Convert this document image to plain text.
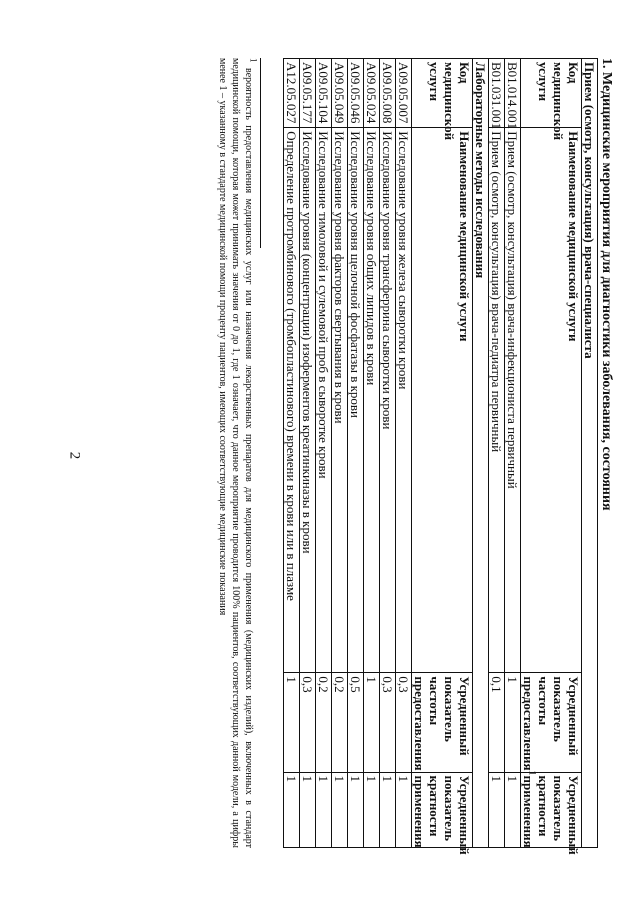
2	1. Медицинские мероприятия для диагностики заболевания, состояния
Прием (осмотр, консультация) врача-специалиста			
Код медицинской услуги	Наименование медицинской услуги	Усредненный показатель частоты предоставления$^1$	Усредненный показатель кратности применения
B01.014.001	Прием (осмотр, консультация) врача-инфекциониста первичный	1	1
B01.031.001	Прием (осмотр, консультация) врача-педиатра первичный	0,1	1
Лабораторные методы исследования			
Код медицинской услуги	Наименование медицинской услуги	Усредненный показатель частоты предоставления	Усредненный показатель кратности применения
A09.05.007	Исследование уровня железа сыворотки крови	0,3	1
A09.05.008	Исследование уровня трансферрина сыворотки крови	0,3	1
A09.05.024	Исследование уровня общих липидов в крови	1	1
A09.05.046	Исследование уровня щелочной фосфатазы в крови	0,5	1
A09.05.049	Исследование уровня факторов свертывания в крови	0,2	1
A09.05.104	Исследование тимоловой и сулемовой проб в сыворотке крови	0,2	1
A09.05.177	Исследование уровня (концентрации) изоферментов креатинкиназы в крови	0,3	1
A12.05.027	Определение протромбинового (тромбопластинового) времени в крови или в плазме	1	1
$^1$ вероятность предоставления медицинских услуг или назначения лекарственных препаратов для медицинского применения (медицинских изделий), включенных в стандарт медицинской помощи, которая может принимать значения от 0 до 1, где 1 означает, что данное мероприятие проводится 100% пациентов, соответствующих данной модели, а цифры менее 1 – указанному в стандарте медицинской помощи проценту пациентов, имеющих соответствующие медицинские показания
